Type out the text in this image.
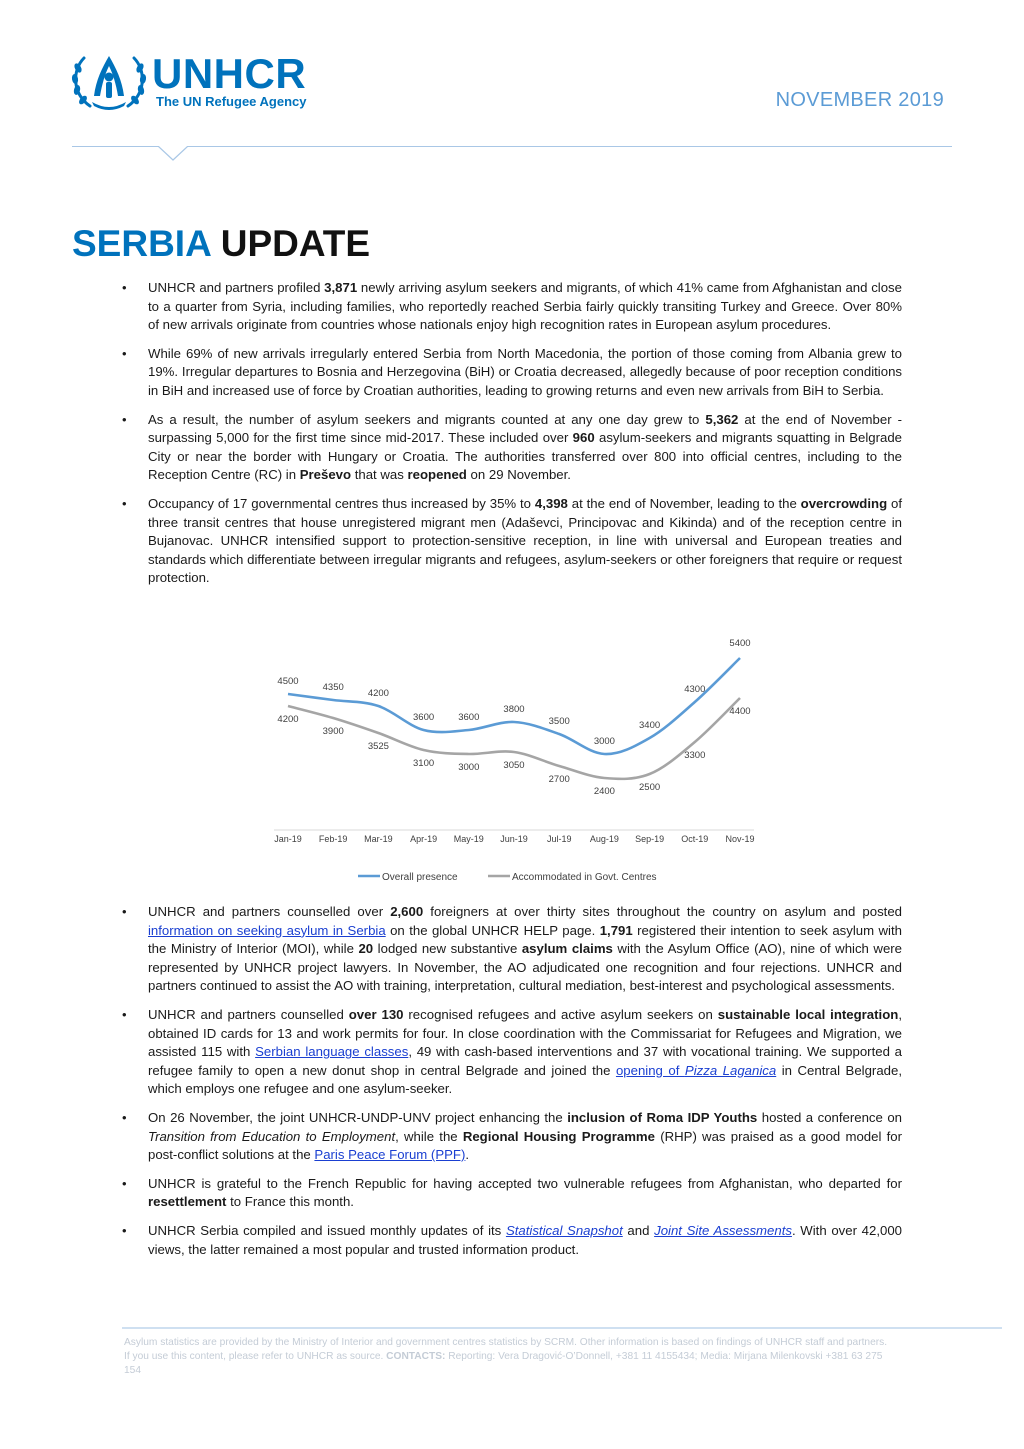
UNHCR
The UN Refugee Agency	NOVEMBER 2019
SERBIA UPDATE
• UNHCR and partners profiled 3,871 newly arriving asylum seekers and migrants, of which 41% came from Afghanistan and close to a quarter from Syria, including families, who reportedly reached Serbia fairly quickly transiting Turkey and Greece. Over 80% of new arrivals originate from countries whose nationals enjoy high recognition rates in European asylum procedures.
• While 69% of new arrivals irregularly entered Serbia from North Macedonia, the portion of those coming from Albania grew to 19%. Irregular departures to Bosnia and Herzegovina (BiH) or Croatia decreased, allegedly because of poor reception conditions in BiH and increased use of force by Croatian authorities, leading to growing returns and even new arrivals from BiH to Serbia.
• As a result, the number of asylum seekers and migrants counted at any one day grew to 5,362 at the end of November - surpassing 5,000 for the first time since mid-2017. These included over 960 asylum-seekers and migrants squatting in Belgrade City or near the border with Hungary or Croatia. The authorities transferred over 800 into official centres, including to the Reception Centre (RC) in Preševo that was reopened on 29 November.
• Occupancy of 17 governmental centres thus increased by 35% to 4,398 at the end of November, leading to the overcrowding of three transit centres that house unregistered migrant men (Adaševci, Principovac and Kikinda) and of the reception centre in Bujanovac. UNHCR intensified support to protection-sensitive reception, in line with universal and European treaties and standards which differentiate between irregular migrants and refugees, asylum-seekers or other foreigners that require or request protection.
4500
4350
4200
3600	3600
3800
3500
3000
3400
4300
5400
4200
3900
3525
3100	3000	3050
2700
2400	2500
3300
4400
Jan-19 Feb-19 Mar-19 Apr-19 May-19 Jun-19 Jul-19 Aug-19 Sep-19 Oct-19 Nov-19
Overall presence	Accommodated in Govt. Centres
• UNHCR and partners counselled over 2,600 foreigners at over thirty sites throughout the country on asylum and posted information on seeking asylum in Serbia on the global UNHCR HELP page. 1,791 registered their intention to seek asylum with the Ministry of Interior (MOI), while 20 lodged new substantive asylum claims with the Asylum Office (AO), nine of which were represented by UNHCR project lawyers. In November, the AO adjudicated one recognition and four rejections. UNHCR and partners continued to assist the AO with training, interpretation, cultural mediation, best-interest and psychological assessments.
• UNHCR and partners counselled over 130 recognised refugees and active asylum seekers on sustainable local integration, obtained ID cards for 13 and work permits for four. In close coordination with the Commissariat for Refugees and Migration, we assisted 115 with Serbian language classes, 49 with cash-based interventions and 37 with vocational training. We supported a refugee family to open a new donut shop in central Belgrade and joined the opening of Pizza Laganica in Central Belgrade, which employs one refugee and one asylum-seeker.
• On 26 November, the joint UNHCR-UNDP-UNV project enhancing the inclusion of Roma IDP Youths hosted a conference on Transition from Education to Employment, while the Regional Housing Programme (RHP) was praised as a good model for post-conflict solutions at the Paris Peace Forum (PPF).
• UNHCR is grateful to the French Republic for having accepted two vulnerable refugees from Afghanistan, who departed for resettlement to France this month.
• UNHCR Serbia compiled and issued monthly updates of its Statistical Snapshot and Joint Site Assessments. With over 42,000 views, the latter remained a most popular and trusted information product.
Asylum statistics are provided by the Ministry of Interior and government centres statistics by SCRM. Other information is based on findings of UNHCR staff and partners. If you use this content, please refer to UNHCR as source. CONTACTS: Reporting: Vera Dragović-O’Donnell, +381 11 4155434; Media: Mirjana Milenkovski +381 63 275 154
